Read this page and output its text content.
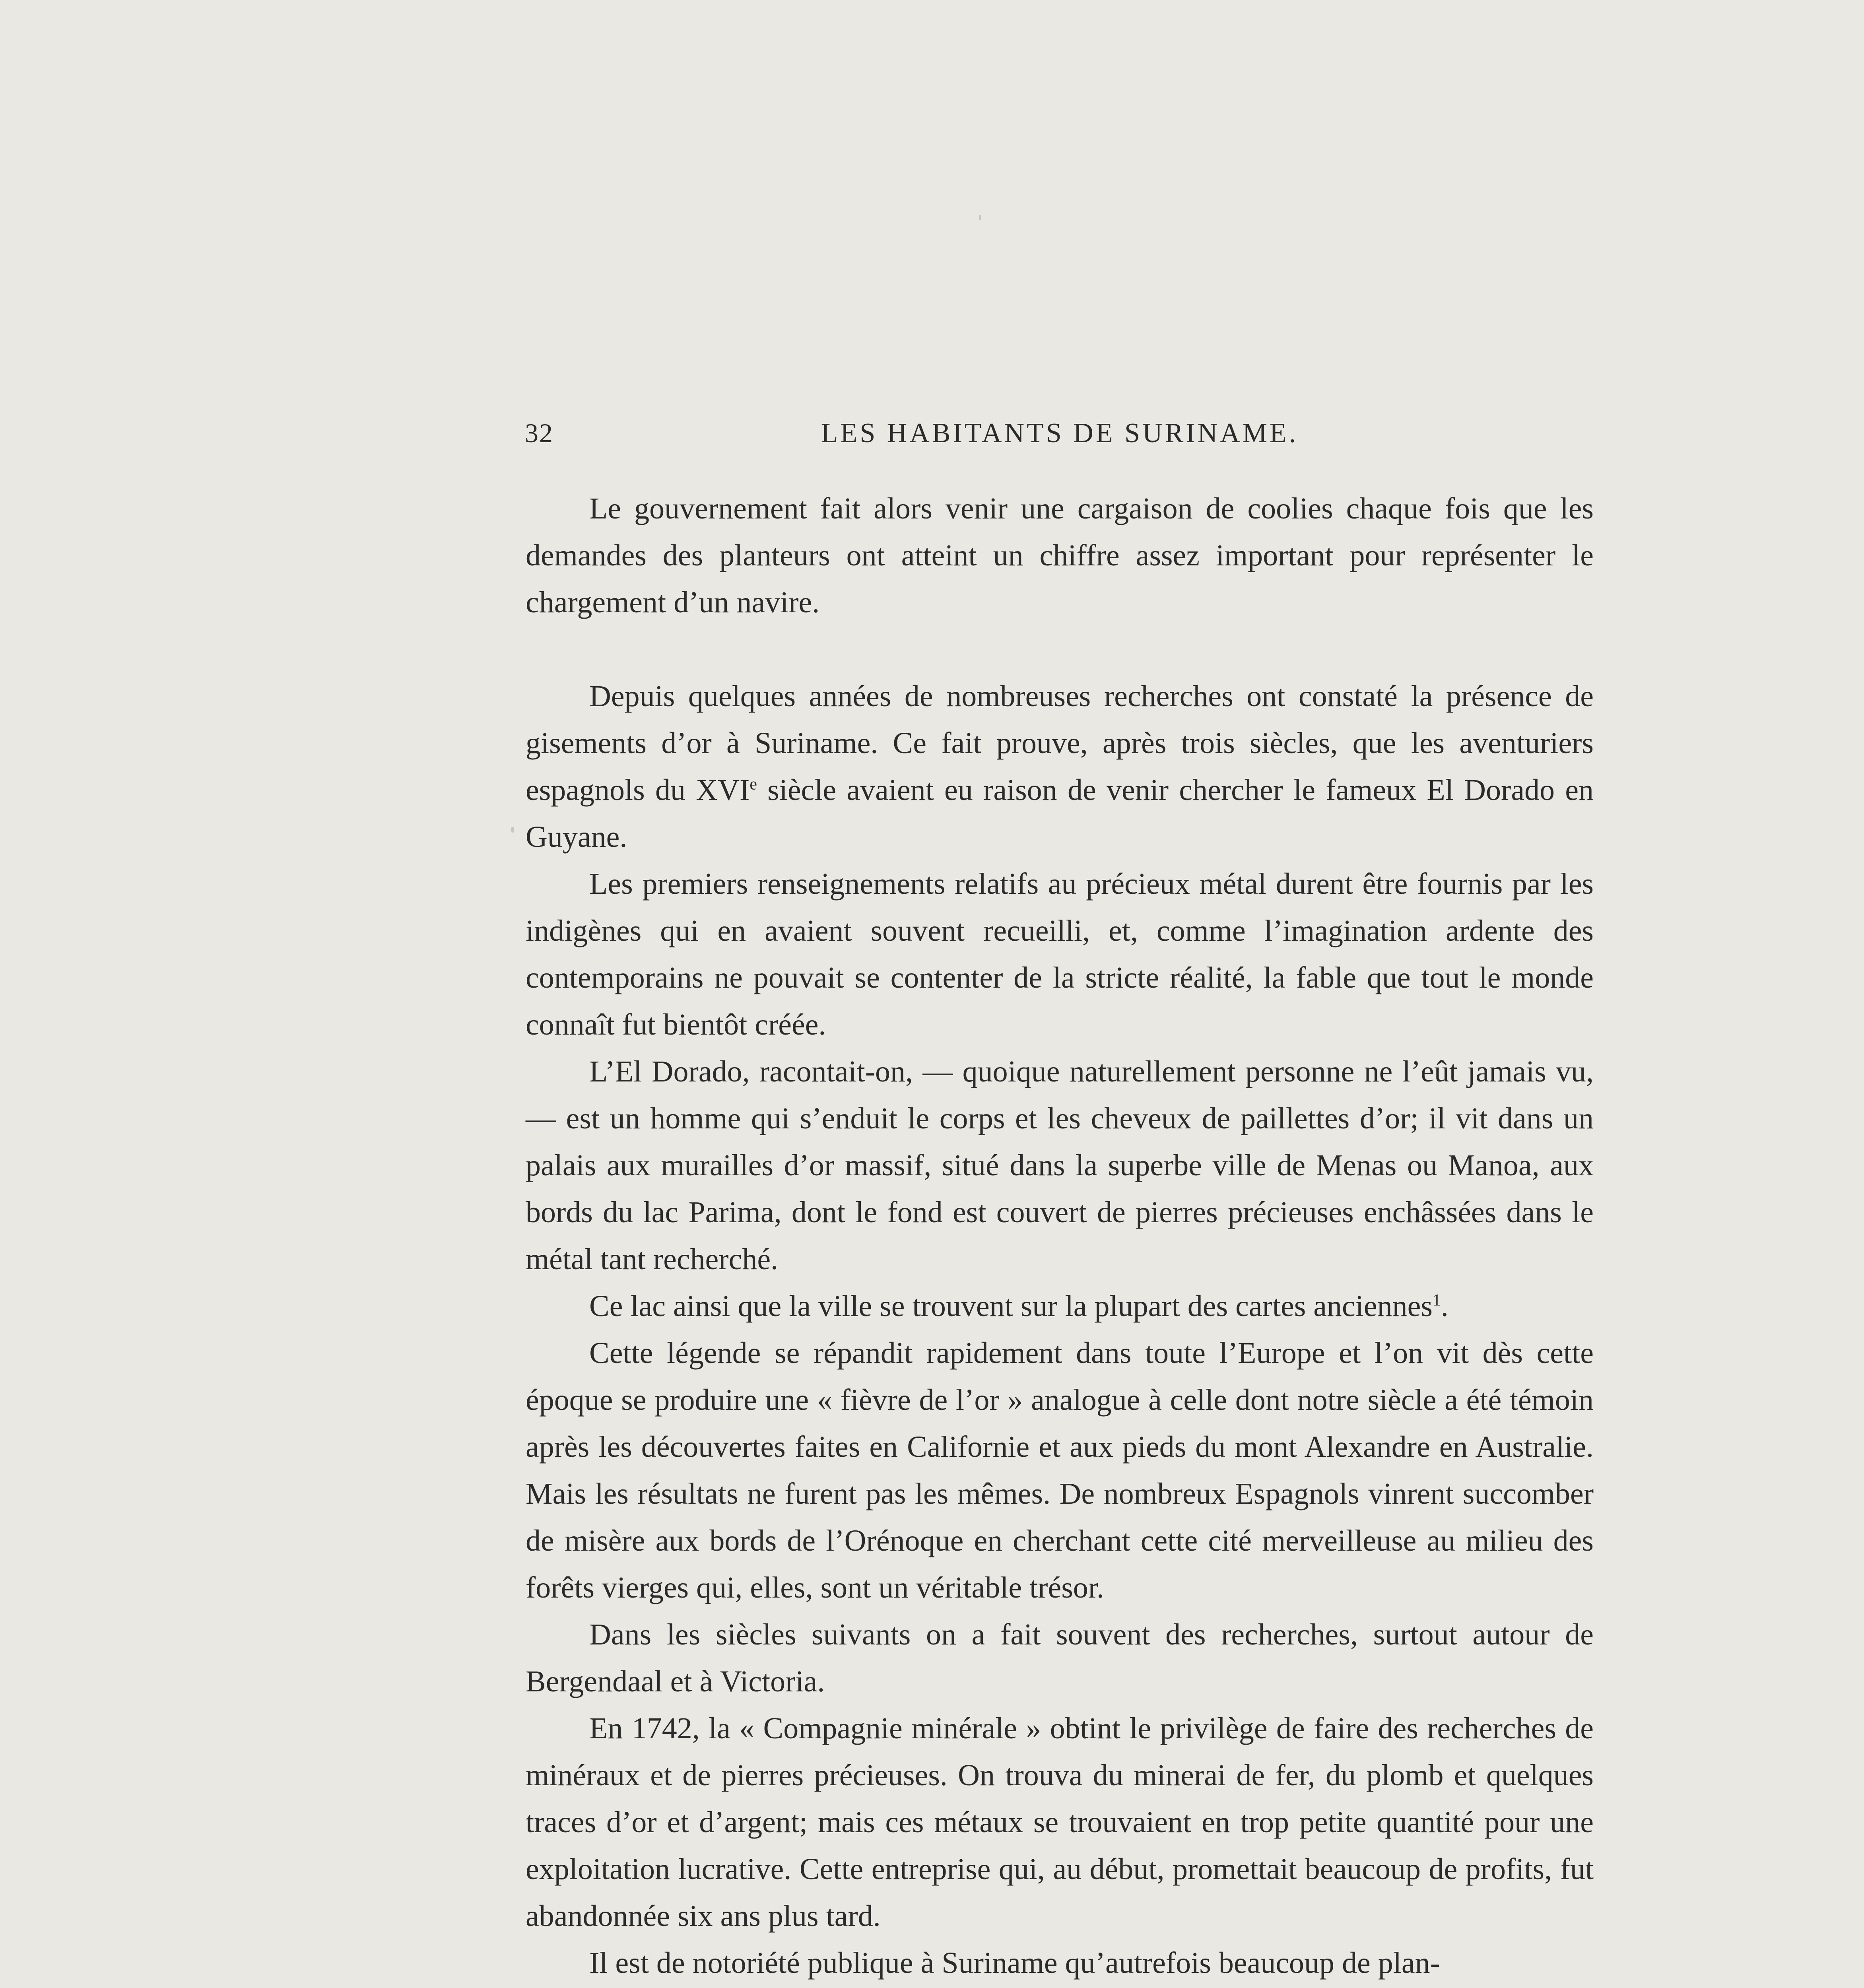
32	LES HABITANTS DE SURINAME.

Le gouvernement fait alors venir une cargaison de coolies chaque fois que les demandes des planteurs ont atteint un chiffre assez important pour représenter le chargement d’un navire.

Depuis quelques années de nombreuses recherches ont constaté la présence de gisements d’or à Suriname. Ce fait prouve, après trois siècles, que les aventuriers espagnols du XVIe siècle avaient eu raison de venir chercher le fameux El Dorado en Guyane.

Les premiers renseignements relatifs au précieux métal durent être fournis par les indigènes qui en avaient souvent recueilli, et, comme l’imagination ardente des contemporains ne pouvait se contenter de la stricte réalité, la fable que tout le monde connaît fut bientôt créée.

L’El Dorado, racontait-on, — quoique naturellement personne ne l’eût jamais vu, — est un homme qui s’enduit le corps et les cheveux de paillettes d’or; il vit dans un palais aux murailles d’or massif, situé dans la superbe ville de Menas ou Manoa, aux bords du lac Parima, dont le fond est couvert de pierres précieuses enchâssées dans le métal tant recherché.

Ce lac ainsi que la ville se trouvent sur la plupart des cartes anciennes$^1$.

Cette légende se répandit rapidement dans toute l’Europe et l’on vit dès cette époque se produire une « fièvre de l’or » analogue à celle dont notre siècle a été témoin après les découvertes faites en Californie et aux pieds du mont Alexandre en Australie. Mais les résultats ne furent pas les mêmes. De nombreux Espagnols vinrent succomber de misère aux bords de l’Orénoque en cherchant cette cité merveilleuse au milieu des forêts vierges qui, elles, sont un véritable trésor.

Dans les siècles suivants on a fait souvent des recherches, surtout autour de Bergendaal et à Victoria.

En 1742, la « Compagnie minérale » obtint le privilège de faire des recherches de minéraux et de pierres précieuses. On trouva du minerai de fer, du plomb et quelques traces d’or et d’argent; mais ces métaux se trouvaient en trop petite quantité pour une exploitation lucrative. Cette entreprise qui, au début, promettait beaucoup de profits, fut abandonnée six ans plus tard.

Il est de notoriété publique à Suriname qu’autrefois beaucoup de plan-
